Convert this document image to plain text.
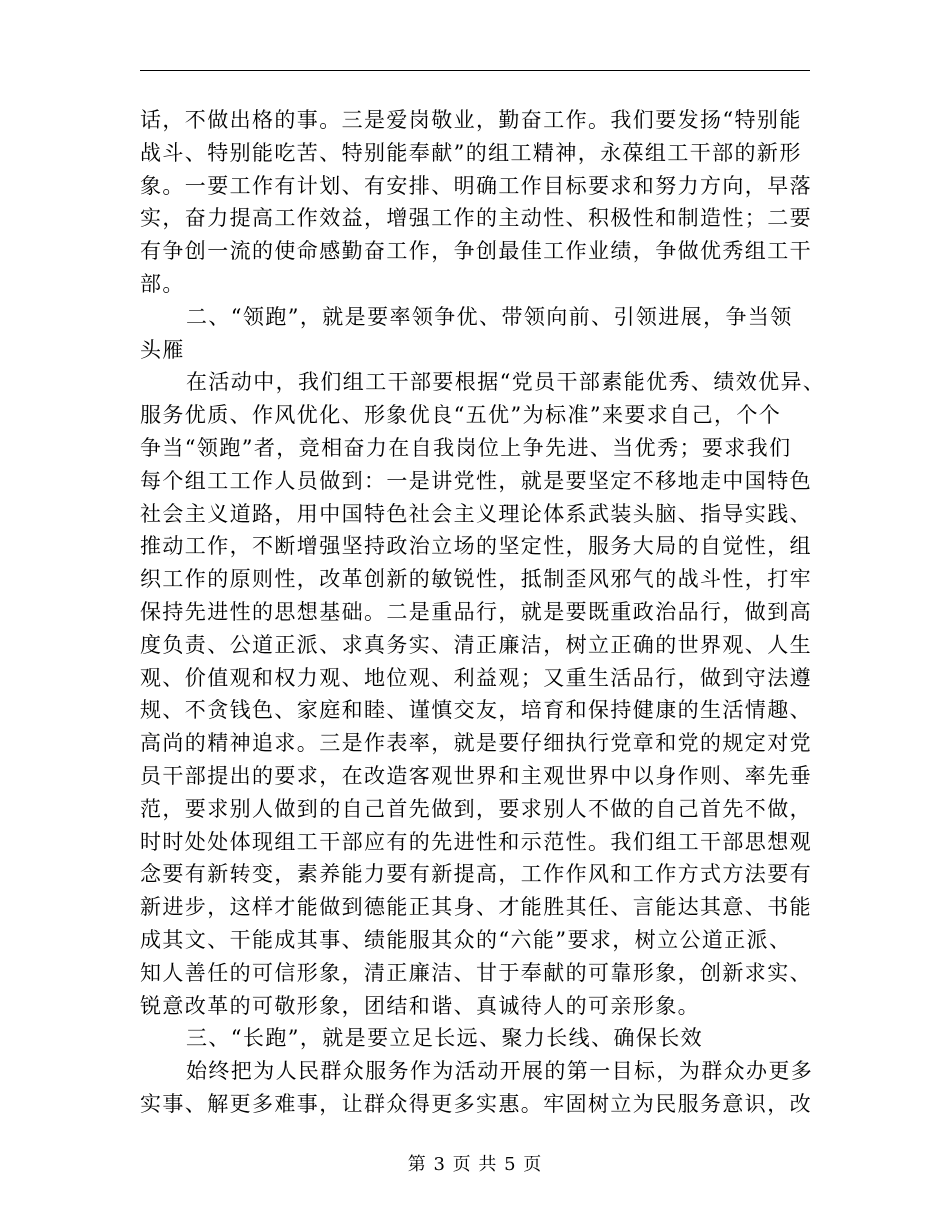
话，不做出格的事。三是爱岗敬业，勤奋工作。我们要发扬“特别能
战斗、特别能吃苦、特别能奉献”的组工精神，永葆组工干部的新形
象。一要工作有计划、有安排、明确工作目标要求和努力方向，早落
实，奋力提高工作效益，增强工作的主动性、积极性和制造性；二要
有争创一流的使命感勤奋工作，争创最佳工作业绩，争做优秀组工干
部。
二、“领跑”，就是要率领争优、带领向前、引领进展，争当领
头雁
在活动中，我们组工干部要根据“党员干部素能优秀、绩效优异、
服务优质、作风优化、形象优良“五优”为标准”来要求自己，个个
争当“领跑”者，竞相奋力在自我岗位上争先进、当优秀；要求我们
每个组工工作人员做到：一是讲党性，就是要坚定不移地走中国特色
社会主义道路，用中国特色社会主义理论体系武装头脑、指导实践、
推动工作，不断增强坚持政治立场的坚定性，服务大局的自觉性，组
织工作的原则性，改革创新的敏锐性，抵制歪风邪气的战斗性，打牢
保持先进性的思想基础。二是重品行，就是要既重政治品行，做到高
度负责、公道正派、求真务实、清正廉洁，树立正确的世界观、人生
观、价值观和权力观、地位观、利益观；又重生活品行，做到守法遵
规、不贪钱色、家庭和睦、谨慎交友，培育和保持健康的生活情趣、
高尚的精神追求。三是作表率，就是要仔细执行党章和党的规定对党
员干部提出的要求，在改造客观世界和主观世界中以身作则、率先垂
范，要求别人做到的自己首先做到，要求别人不做的自己首先不做，
时时处处体现组工干部应有的先进性和示范性。我们组工干部思想观
念要有新转变，素养能力要有新提高，工作作风和工作方式方法要有
新进步，这样才能做到德能正其身、才能胜其任、言能达其意、书能
成其文、干能成其事、绩能服其众的“六能”要求，树立公道正派、
知人善任的可信形象，清正廉洁、甘于奉献的可靠形象，创新求实、
锐意改革的可敬形象，团结和谐、真诚待人的可亲形象。
三、“长跑”，就是要立足长远、聚力长线、确保长效
始终把为人民群众服务作为活动开展的第一目标，为群众办更多
实事、解更多难事，让群众得更多实惠。牢固树立为民服务意识，改
第 3 页 共 5 页
